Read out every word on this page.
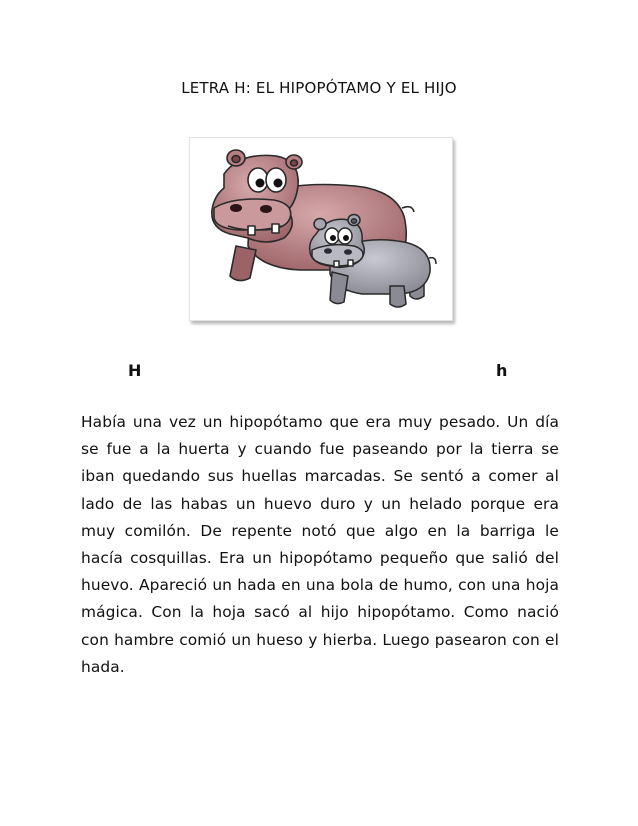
LETRA H: EL HIPOPÓTAMO Y EL HIJO
H	h

Había una vez un hipopótamo que era muy pesado. Un día se fue a la huerta y cuando fue paseando por la tierra se iban quedando sus huellas marcadas. Se sentó a comer al lado de las habas un huevo duro y un helado porque era muy comilón. De repente notó que algo en la barriga le hacía cosquillas. Era un hipopótamo pequeño que salió del huevo. Apareció un hada en una bola de humo, con una hoja mágica. Con la hoja sacó al hijo hipopótamo. Como nació con hambre comió un hueso y hierba. Luego pasearon con el hada.
